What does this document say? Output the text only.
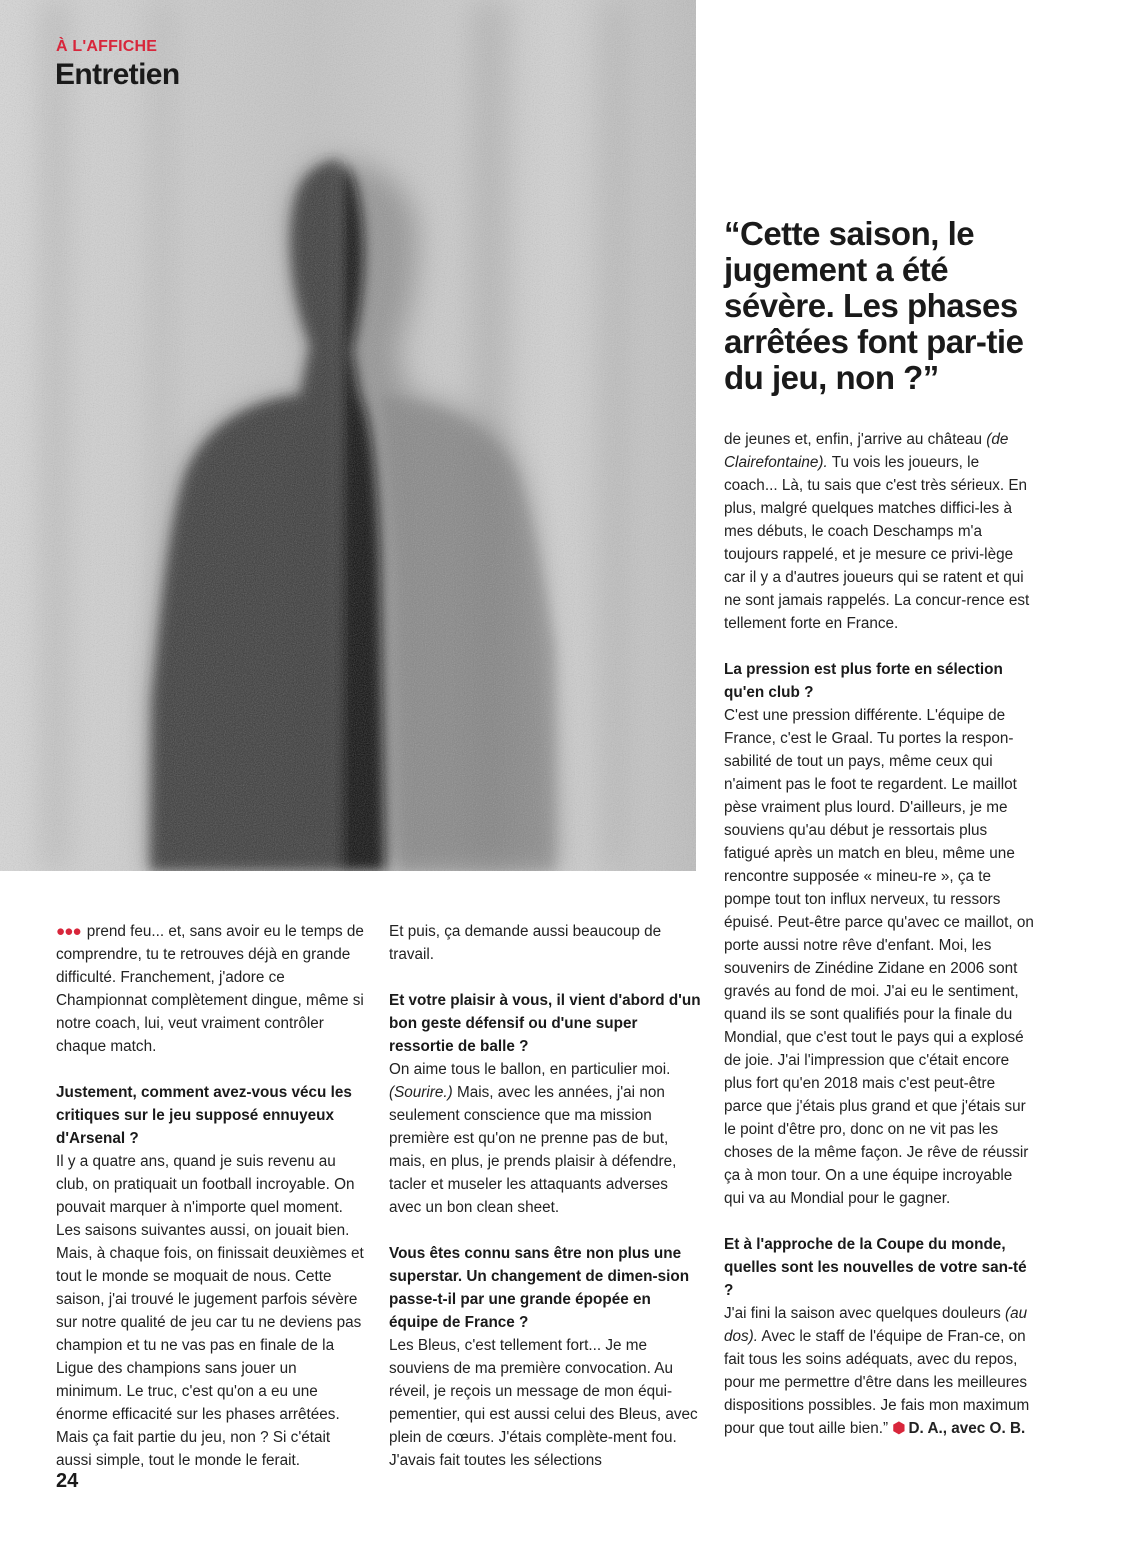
À L'AFFICHE
Entretien
“Cette saison, le jugement a été sévère. Les phases arrêtées font par-tie du jeu, non ?”

●●● prend feu... et, sans avoir eu le temps de comprendre, tu te retrouves déjà en grande difficulté. Franchement, j'adore ce Championnat complètement dingue, même si notre coach, lui, veut vraiment contrôler chaque match.

Justement, comment avez-vous vécu les critiques sur le jeu supposé ennuyeux d'Arsenal ?

Il y a quatre ans, quand je suis revenu au club, on pratiquait un football incroyable. On pouvait marquer à n'importe quel moment. Les saisons suivantes aussi, on jouait bien. Mais, à chaque fois, on finissait deuxièmes et tout le monde se moquait de nous. Cette saison, j'ai trouvé le jugement parfois sévère sur notre qualité de jeu car tu ne deviens pas champion et tu ne vas pas en finale de la Ligue des champions sans jouer un minimum. Le truc, c'est qu'on a eu une énorme efficacité sur les phases arrêtées. Mais ça fait partie du jeu, non ? Si c'était aussi simple, tout le monde le ferait.

Et puis, ça demande aussi beaucoup de travail.

Et votre plaisir à vous, il vient d'abord d'un bon geste défensif ou d'une super ressortie de balle ?

On aime tous le ballon, en particulier moi. (Sourire.) Mais, avec les années, j'ai non seulement conscience que ma mission première est qu'on ne prenne pas de but, mais, en plus, je prends plaisir à défendre, tacler et museler les attaquants adverses avec un bon clean sheet.

Vous êtes connu sans être non plus une superstar. Un changement de dimen-sion passe-t-il par une grande épopée en équipe de France ?

Les Bleus, c'est tellement fort... Je me souviens de ma première convocation. Au réveil, je reçois un message de mon équi-pementier, qui est aussi celui des Bleus, avec plein de cœurs. J'étais complète-ment fou. J'avais fait toutes les sélections

de jeunes et, enfin, j'arrive au château (de Clairefontaine). Tu vois les joueurs, le coach... Là, tu sais que c'est très sérieux. En plus, malgré quelques matches diffici-les à mes débuts, le coach Deschamps m'a toujours rappelé, et je mesure ce privi-lège car il y a d'autres joueurs qui se ratent et qui ne sont jamais rappelés. La concur-rence est tellement forte en France.

La pression est plus forte en sélection qu'en club ?

C'est une pression différente. L'équipe de France, c'est le Graal. Tu portes la respon-sabilité de tout un pays, même ceux qui n'aiment pas le foot te regardent. Le maillot pèse vraiment plus lourd. D'ailleurs, je me souviens qu'au début je ressortais plus fatigué après un match en bleu, même une rencontre supposée « mineu-re », ça te pompe tout ton influx nerveux, tu ressors épuisé. Peut-être parce qu'avec ce maillot, on porte aussi notre rêve d'enfant. Moi, les souvenirs de Zinédine Zidane en 2006 sont gravés au fond de moi. J'ai eu le sentiment, quand ils se sont qualifiés pour la finale du Mondial, que c'est tout le pays qui a explosé de joie. J'ai l'impression que c'était encore plus fort qu'en 2018 mais c'est peut-être parce que j'étais plus grand et que j'étais sur le point d'être pro, donc on ne vit pas les choses de la même façon. Je rêve de réussir ça à mon tour. On a une équipe incroyable qui va au Mondial pour le gagner.

Et à l'approche de la Coupe du monde, quelles sont les nouvelles de votre san-té ?

J'ai fini la saison avec quelques douleurs (au dos). Avec le staff de l'équipe de Fran-ce, on fait tous les soins adéquats, avec du repos, pour me permettre d'être dans les meilleures dispositions possibles. Je fais mon maximum pour que tout aille bien.” ⬢ D. A., avec O. B.

24
